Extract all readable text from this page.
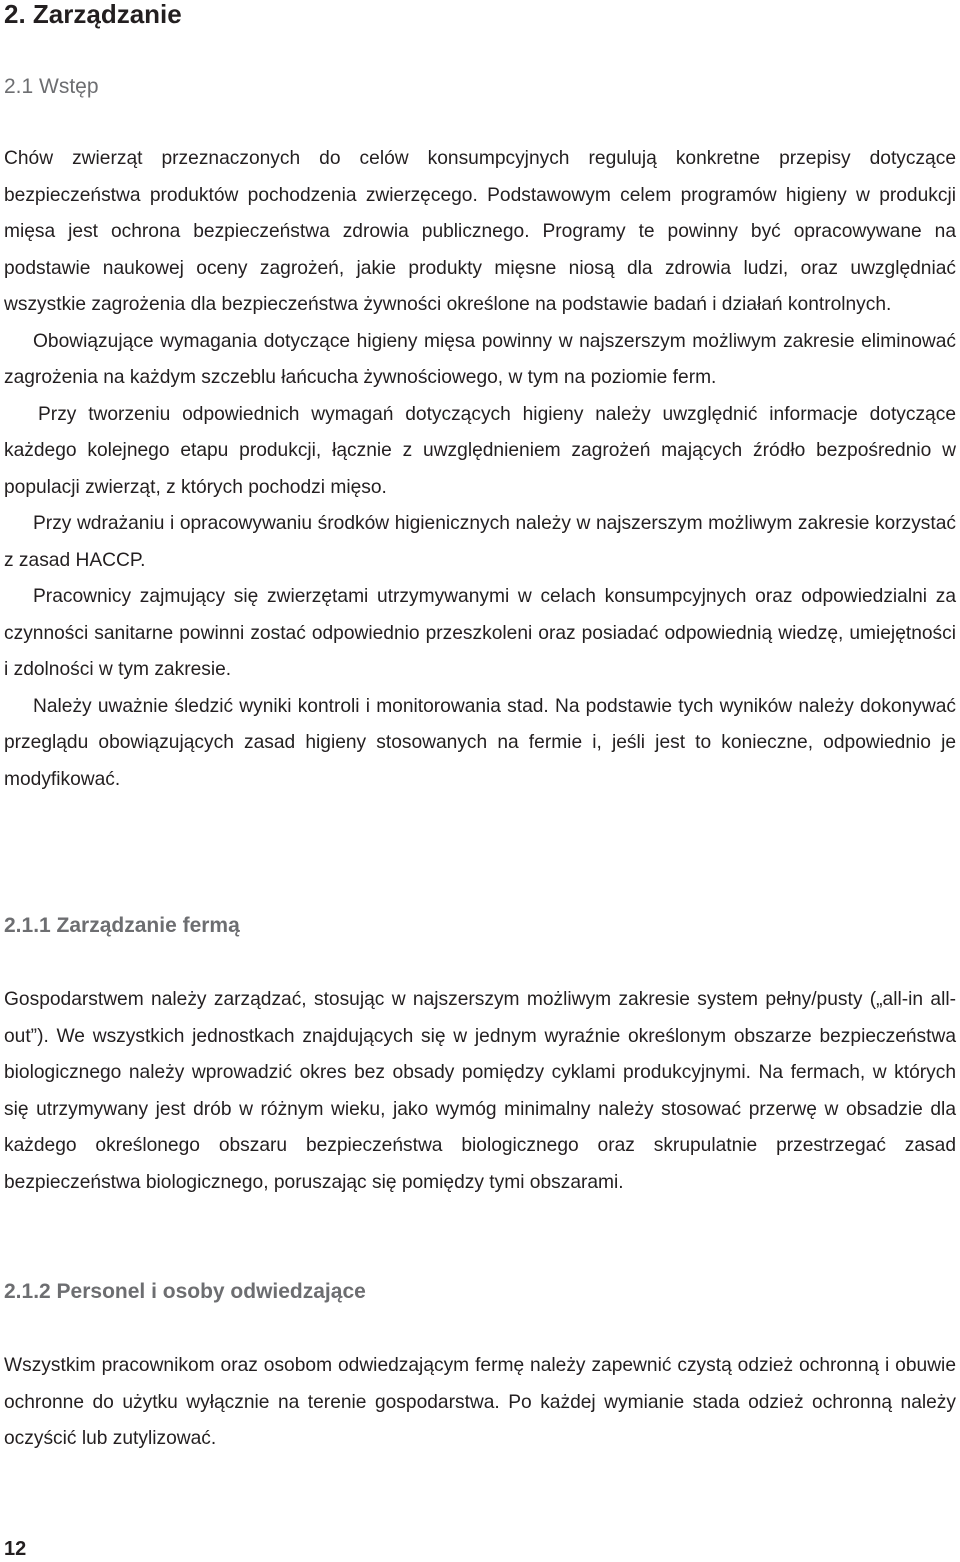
2. Zarządzanie
2.1 Wstęp

Chów zwierząt przeznaczonych do celów konsumpcyjnych regulują konkretne przepisy dotyczące bezpieczeństwa produktów pochodzenia zwierzęcego. Podstawowym celem programów higieny w produkcji mięsa jest ochrona bezpieczeństwa zdrowia publicznego. Programy te powinny być opracowywane na podstawie naukowej oceny zagrożeń, jakie produkty mięsne niosą dla zdrowia ludzi, oraz uwzględniać wszystkie zagrożenia dla bezpieczeństwa żywności określone na podstawie badań i działań kontrolnych.

Obowiązujące wymagania dotyczące higieny mięsa powinny w najszerszym możliwym zakresie eliminować zagrożenia na każdym szczeblu łańcucha żywnościowego, w tym na poziomie ferm.

Przy tworzeniu odpowiednich wymagań dotyczących higieny należy uwzględnić informacje dotyczące każdego kolejnego etapu produkcji, łącznie z uwzględnieniem zagrożeń mających źródło bezpośrednio w populacji zwierząt, z których pochodzi mięso.

Przy wdrażaniu i opracowywaniu środków higienicznych należy w najszerszym możliwym zakresie korzystać z zasad HACCP.

Pracownicy zajmujący się zwierzętami utrzymywanymi w celach konsumpcyjnych oraz odpowiedzialni za czynności sanitarne powinni zostać odpowiednio przeszkoleni oraz posiadać odpowiednią wiedzę, umiejętności i zdolności w tym zakresie.

Należy uważnie śledzić wyniki kontroli i monitorowania stad. Na podstawie tych wyników należy dokonywać przeglądu obowiązujących zasad higieny stosowanych na fermie i, jeśli jest to konieczne, odpowiednio je modyfikować.

2.1.1 Zarządzanie fermą

Gospodarstwem należy zarządzać, stosując w najszerszym możliwym zakresie system pełny/pusty („all-in all-out”). We wszystkich jednostkach znajdujących się w jednym wyraźnie określonym obszarze bezpieczeństwa biologicznego należy wprowadzić okres bez obsady pomiędzy cyklami produkcyjnymi. Na fermach, w których się utrzymywany jest drób w różnym wieku, jako wymóg minimalny należy stosować przerwę w obsadzie dla każdego określonego obszaru bezpieczeństwa biologicznego oraz skrupulatnie przestrzegać zasad bezpieczeństwa biologicznego, poruszając się pomiędzy tymi obszarami.

2.1.2 Personel i osoby odwiedzające

Wszystkim pracownikom oraz osobom odwiedzającym fermę należy zapewnić czystą odzież ochronną i obuwie ochronne do użytku wyłącznie na terenie gospodarstwa. Po każdej wymianie stada odzież ochronną należy oczyścić lub zutylizować.

12
